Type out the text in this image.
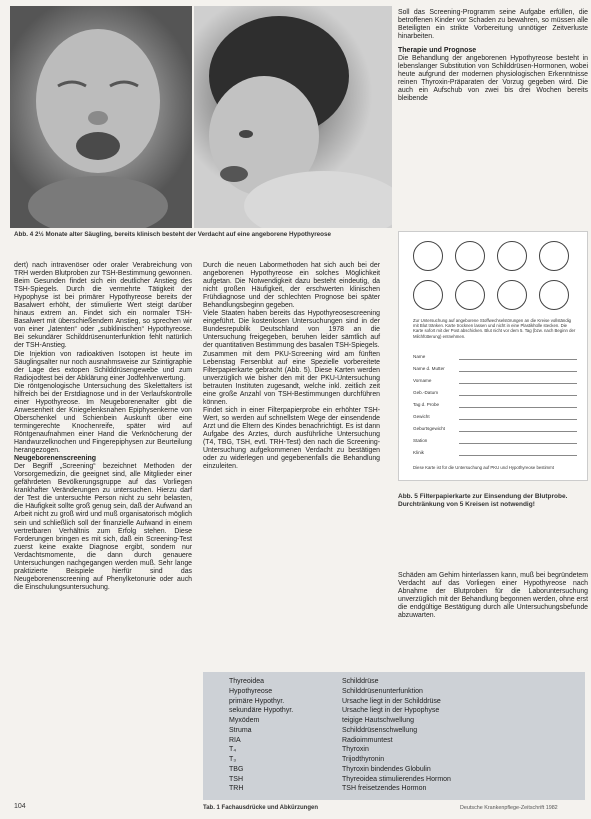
Abb. 4 2½ Monate alter Säugling, bereits klinisch besteht der Verdacht auf eine angeborene Hypothyreose

dert) nach intravenöser oder oraler Verabreichung von TRH werden Blutproben zur TSH-Bestimmung gewonnen. Beim Gesunden findet sich ein deutlicher Anstieg des TSH-Spiegels. Durch die vermehrte Tätigkeit der Hypophyse ist bei primärer Hypothyreose bereits der Basalwert erhöht, der stimulierte Wert steigt darüber hinaus extrem an. Findet sich ein normaler TSH-Basalwert mit überschießendem Anstieg, so sprechen wir von einer „latenten“ oder „subklinischen“ Hypothyreose. Bei sekundärer Schilddrüsenunterfunktion fehlt natürlich der TSH-Anstieg.

Die Injektion von radioaktiven Isotopen ist heute im Säuglingsalter nur noch ausnahmsweise zur Szintigraphie der Lage des extopen Schilddrüsengewebe und zum Radiojodtest bei der Abklärung einer Jodfehlverwertung.

Die röntgenologische Untersuchung des Skelettalters ist hilfreich bei der Erstdiagnose und in der Verlaufskontrolle einer Hypothyreose. Im Neugeborenenalter gibt die Anwesenheit der Kniegelenksnahen Epiphysenkerne von Oberschenkel und Schienbein Auskunft über eine termingerechte Knochenreife, später wird auf Röntgenaufnahmen einer Hand die Verknöcherung der Handwurzelknochen und Fingerepiphysen zur Beurteilung herangezogen.

Neugeborenenscreening

Der Begriff „Screening“ bezeichnet Methoden der Vorsorgemedizin, die geeignet sind, alle Mitglieder einer gefährdeten Bevölkerungsgruppe auf das Vorliegen krankhafter Veränderungen zu untersuchen. Hierzu darf der Test die untersuchte Person nicht zu sehr belasten, die Häufigkeit sollte groß genug sein, daß der Aufwand an Arbeit nicht zu groß wird und muß organisatorisch möglich sein und schließlich soll der finanzielle Aufwand in einem vertretbaren Verhältnis zum Erfolg stehen. Diese Forderungen bringen es mit sich, daß ein Screening-Test zuerst keine exakte Diagnose ergibt, sondern nur Verdachtsmomente, die dann durch genauere Untersuchungen nachgegangen werden muß. Sehr lange praktizierte Beispiele hierfür sind das Neugeborenenscreening auf Phenylketonurie oder auch die Einschulungsuntersuchung.

Durch die neuen Labormethoden hat sich auch bei der angeborenen Hypothyreose ein solches Möglichkeit aufgetan. Die Notwendigkeit dazu besteht eindeutig, da nicht großen Häufigkeit, der erschwerten klinischen Frühdiagnose und der schlechten Prognose bei später Behandlungsbeginn gegeben.

Viele Staaten haben bereits das Hypothyreosescreening eingeführt. Die kostenlosen Untersuchungen sind in der Bundesrepublik Deutschland von 1978 an die Untersuchung freigegeben, beruhen leider sämtlich auf der quantitativen Bestimmung des basalen TSH-Spiegels.

Zusammen mit dem PKU-Screening wird am fünften Lebenstag Fersenblut auf eine Spezielle vorbereitete Filterpapierkarte gebracht (Abb. 5). Diese Karten werden unverzüglich wie bisher den mit der PKU-Untersuchung betrauten Instituten zugesandt, welche inkl. zeitlich zeit eine große Anzahl von TSH-Bestimmungen durchführen können.

Findet sich in einer Filterpapierprobe ein erhöhter TSH-Wert, so werden auf schnellstem Wege der einsendende Arzt und die Eltern des Kindes benachrichtigt. Es ist dann Aufgabe des Arztes, durch ausführliche Untersuchung (T4, TBG, TSH, evtl. TRH-Test) den nach die Screening-Untersuchung aufgekommenen Verdacht zu bestätigen oder zu widerlegen und gegebenenfalls die Behandlung einzuleiten.

Soll das Screening-Programm seine Aufgabe erfüllen, die betroffenen Kinder vor Schaden zu bewahren, so müssen alle Beteiligten ein strikte Vorbereitung unnötiger Zeitverluste hinarbeiten.

Therapie und Prognose

Die Behandlung der angeborenen Hypothyreose besteht in lebenslanger Substitution von Schilddrüsen-Hormonen, wobei heute aufgrund der modernen physiologischen Erkenntnisse reinen Thyroxin-Präparaten der Vorzug gegeben wird. Die auch ein Aufschub von zwei bis drei Wochen bereits bleibende

Zur Untersuchung auf angeborene Stoffwechselstörungen an die Kreise vollständig mit Blut tränken. Karte trocknen lassen und nicht in eine Plastikhülle stecken. Die Karte sofort mit der Post abschicken. Blut nicht vor dem 5. Tag (bzw. nach Beginn der Milchfütterung) entnehmen.
Name
Name d. Mutter
Vorname
Geb.-Datum
Tag d. Probe
Gewicht
Geburtsgewicht
Station
Klinik
Diese Karte ist für die Untersuchung auf PKU und Hypothyreose bestimmt
Abb. 5 Filterpapierkarte zur Einsendung der Blutprobe. Durchtränkung von 5 Kreisen ist notwendig!

Schäden am Gehirn hinterlassen kann, muß bei begründetem Verdacht auf das Vorliegen einer Hypothyreose nach Abnahme der Blutproben für die Laboruntersuchung unverzüglich mit der Behandlung begonnen werden, ohne erst die endgültige Bestätigung durch alle Untersuchungsbefunde abzuwarten.

Thyreoidea	Schilddrüse
Hypothyreose	Schilddrüsenunterfunktion
primäre Hypothyr.	Ursache liegt in der Schilddrüse
sekundäre Hypothyr.	Ursache liegt in der Hypophyse
Myxödem	teigige Hautschwellung
Struma	Schilddrüsenschwellung
RIA	Radioimmuntest
T₄	Thyroxin
T₃	Trijodthyronin
TBG	Thyroxin bindendes Globulin
TSH	Thyreoidea stimulierendes Hormon
TRH	TSH freisetzendes Hormon
Tab. 1 Fachausdrücke und Abkürzungen
104	Deutsche Krankenpflege-Zeitschrift 1982
